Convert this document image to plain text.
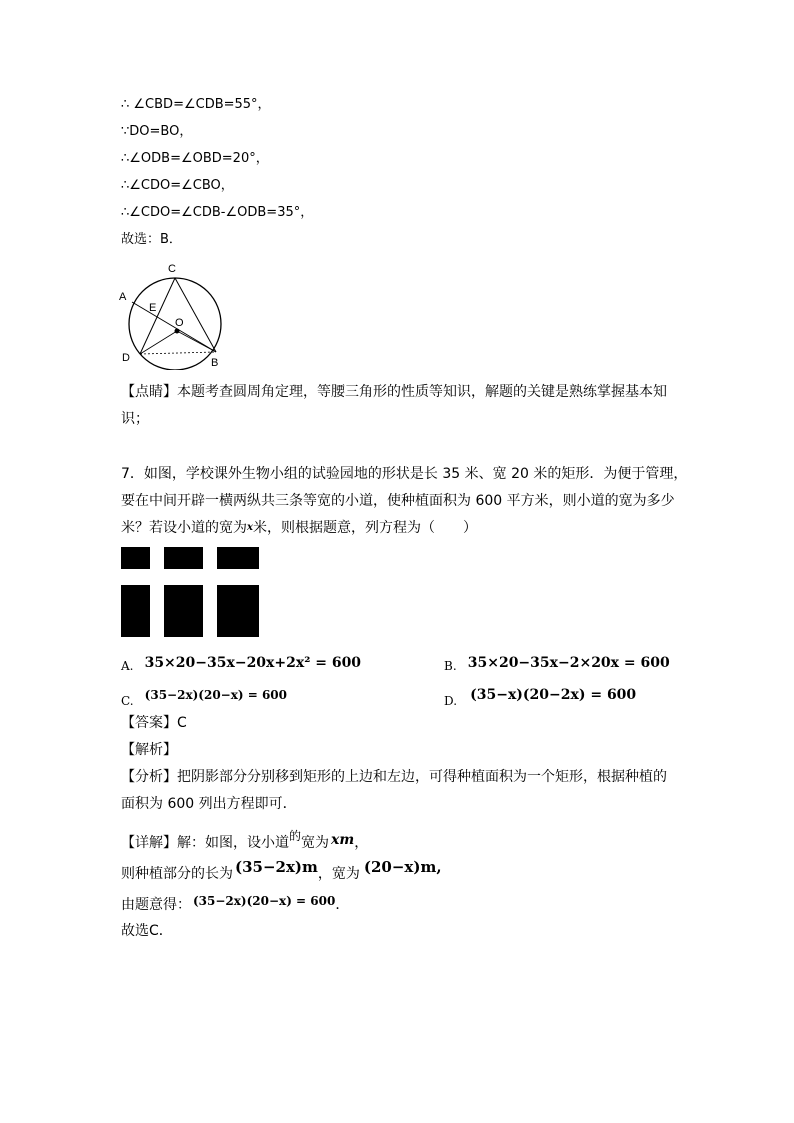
∴ ∠CBD=∠CDB=55°，
∵DO=BO，
∴∠ODB=∠OBD=20°，
∴∠CDO=∠CBO，
∴∠CDO=∠CDB-∠ODB=35°，
故选：B．
C
A
E
O
D	B
【点睛】本题考查圆周角定理，等腰三角形的性质等知识，解题的关键是熟练掌握基本知
识；
7．如图，学校课外生物小组的试验园地的形状是长 35 米、宽 20 米的矩形．为便于管理，
要在中间开辟一横两纵共三条等宽的小道，使种植面积为 600 平方米，则小道的宽为多少
米？若设小道的宽为x米，则根据题意，列方程为（　　）
A. 35×20−35x−20x+2x² = 600	B. 35×20−35x−2×20x = 600
$_{C.}$ (35−2x)(20−x) = 600	$_{D.}$ (35−x)(20−2x) = 600
【答案】C
【解析】
【分析】把阴影部分分别移到矩形的上边和左边，可得种植面积为一个矩形，根据种植的
面积为 600 列出方程即可．
【详解】解：如图，设小道的宽为 xm，
则种植部分的长为 (35−2x)m，宽为 (20−x)m,
由题意得： (35−2x)(20−x) = 600．
故选C．
